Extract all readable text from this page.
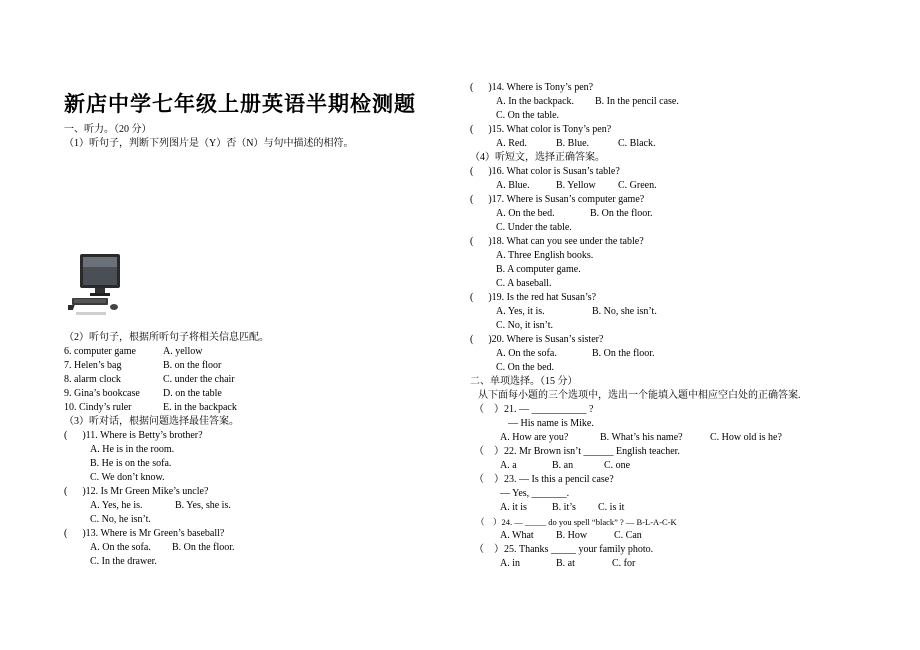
新店中学七年级上册英语半期检测题
一、听力。（20 分）
（1）听句子，判断下列图片是（Y）否（N）与句中描述的相符。
（2）听句子，根据所听句子将相关信息匹配。
6. computer game	A. yellow
7. Helen’s bag	B. on the floor
8. alarm clock	C. under the chair
9. Gina’s bookcase D. on the table
10. Cindy’s ruler	E. in the backpack
（3）听对话，根据问题选择最佳答案。
(      )11. Where is Betty’s brother?
A. He is in the room.
B. He is on the sofa.
C. We don’t know.
(      )12. Is Mr Green Mike’s uncle?
A. Yes, he is.	B. Yes, she is.
C. No, he isn’t.
(      )13. Where is Mr Green’s baseball?
A. On the sofa. B. On the floor.
C. In the drawer.
(      )14. Where is Tony’s pen?
A. In the backpack. B. In the pencil case.
C. On the table.
(      )15. What color is Tony’s pen?
A. Red.	B. Blue.	C. Black.
（4）听短文，选择正确答案。
(      )16. What color is Susan’s table?
A. Blue.	B. Yellow C. Green.
(      )17. Where is Susan’s computer game?
A. On the bed.	B. On the floor.
C. Under the table.
(      )18. What can you see under the table?
A. Three English books.
B. A computer game.
C. A baseball.
(      )19. Is the red hat Susan’s?
A. Yes, it is.	B. No, she isn’t.
C. No, it isn’t.
(      )20. Where is Susan’s sister?
A. On the sofa.	B. On the floor.
C. On the bed.
二、单项选择。（15 分）
从下面每小题的三个选项中，选出一个能填入题中相应空白处的正确答案.
（    ）21. — ___________ ?
— His name is Mike.
A. How are you?	B. What’s his name?	C. How old is he?
（    ）22. Mr Brown isn’t ______ English teacher.
A. a	B. an	C. one
（    ）23. — Is this a pencil case?
— Yes, _______.
A. it is	B. it’s C. is it
（    ）24. — _____ do you spell “black” ? — B-L-A-C-K
A. What B. How	C. Can
（    ）25. Thanks _____ your family photo.
A. in	B. at	C. for
